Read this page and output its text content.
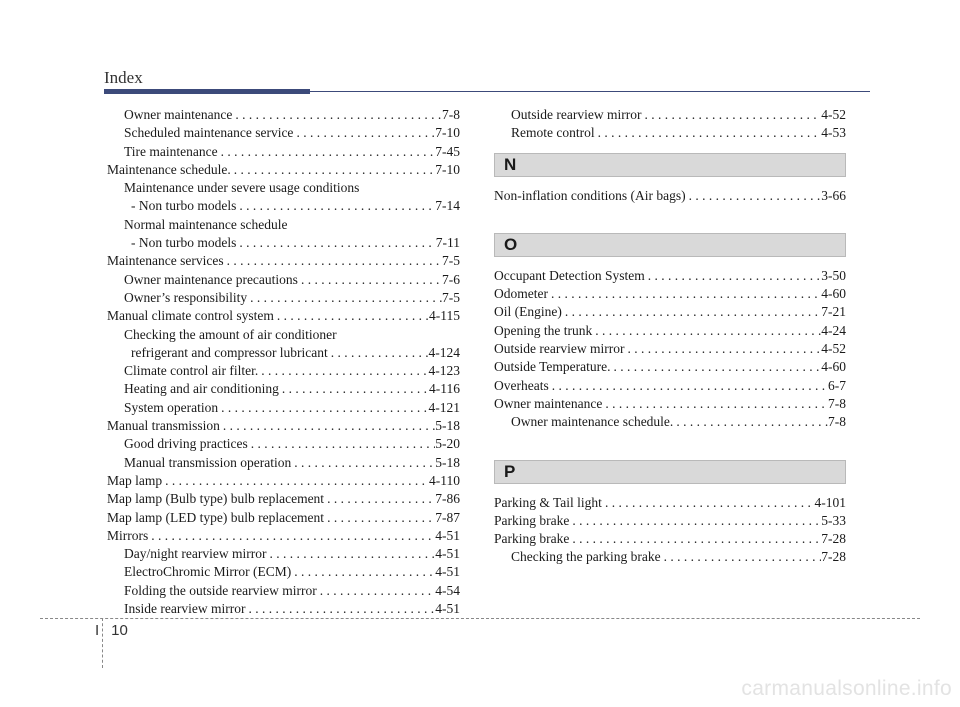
Index
Owner maintenance . . .	7-8
Scheduled maintenance service . . .	7-10
Tire maintenance . . .	7-45
Maintenance schedule. . . .	7-10
Maintenance under severe usage conditions
- Non turbo models . . .	7-14
Normal maintenance schedule
- Non turbo models . . .	7-11
Maintenance services . . .	7-5
Owner maintenance precautions . . .	7-6
Owner’s responsibility . . .	7-5
Manual climate control system . . .	4-115
Checking the amount of air conditioner
refrigerant and compressor lubricant . . .	4-124
Climate control air filter. . . .	4-123
Heating and air conditioning . . .	4-116
System operation . . .	4-121
Manual transmission . . .	5-18
Good driving practices . . .	5-20
Manual transmission operation . . .	5-18
Map lamp . . .	4-110
Map lamp (Bulb type) bulb replacement . . .	7-86
Map lamp (LED type) bulb replacement . . .	7-87
Mirrors . . .	4-51
Day/night rearview mirror . . .	4-51
ElectroChromic Mirror (ECM) . . .	4-51
Folding the outside rearview mirror . . .	4-54
Inside rearview mirror . . .	4-51
Outside rearview mirror . . .	4-52
Remote control . . .	4-53
N
Non-inflation conditions (Air bags) . . .	3-66
O
Occupant Detection System . . .	3-50
Odometer . . .	4-60
Oil (Engine) . . .	7-21
Opening the trunk . . .	4-24
Outside rearview mirror . . .	4-52
Outside Temperature. . . .	4-60
Overheats . . .	6-7
Owner maintenance . . .	7-8
Owner maintenance schedule. . . .	7-8
P
Parking & Tail light . . .	4-101
Parking brake . . .	5-33
Parking brake . . .	7-28
Checking the parking brake . . .	7-28
I 10
carmanualsonline.info
